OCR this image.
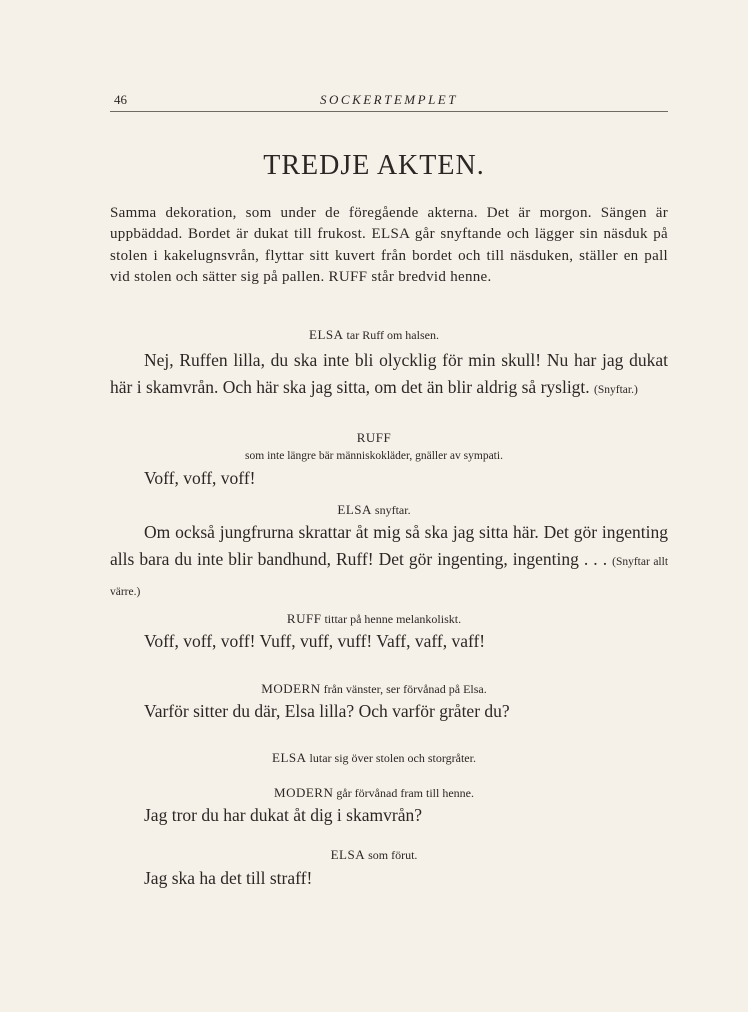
46	SOCKERTEMPLET
TREDJE AKTEN.
Samma dekoration, som under de föregående akterna. Det är morgon. Sängen är uppbäddad. Bordet är dukat till frukost. ELSA går snyftande och lägger sin näsduk på stolen i kakelugnsvrån, flyttar sitt kuvert från bordet och till näsduken, ställer en pall vid stolen och sätter sig på pallen. RUFF står bredvid henne.
ELSA tar Ruff om halsen.
Nej, Ruffen lilla, du ska inte bli olycklig för min skull! Nu har jag dukat här i skamvrån. Och här ska jag sitta, om det än blir aldrig så rysligt. (Snyftar.)
RUFF
som inte längre bär människokläder, gnäller av sympati.
Voff, voff, voff!
ELSA snyftar.
Om också jungfrurna skrattar åt mig så ska jag sitta här. Det gör ingenting alls bara du inte blir bandhund, Ruff! Det gör ingenting, ingenting . . . (Snyftar allt värre.)
RUFF tittar på henne melankoliskt.
Voff, voff, voff! Vuff, vuff, vuff! Vaff, vaff, vaff!
MODERN från vänster, ser förvånad på Elsa.
Varför sitter du där, Elsa lilla? Och varför gråter du?
ELSA lutar sig över stolen och storgråter.
MODERN går förvånad fram till henne.
Jag tror du har dukat åt dig i skamvrån?
ELSA som förut.
Jag ska ha det till straff!
